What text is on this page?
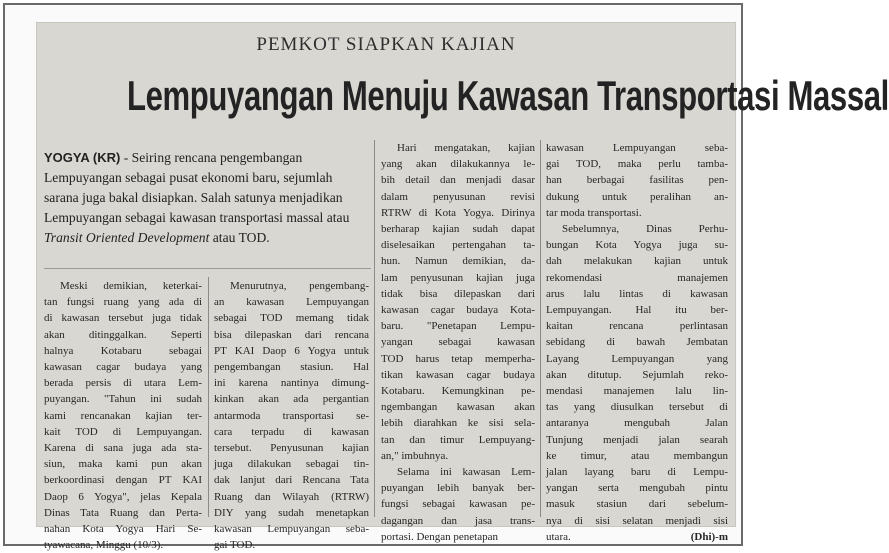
PEMKOT SIAPKAN KAJIAN
Lempuyangan Menuju Kawasan Transportasi Massal
YOGYA (KR) - Seiring rencana pengembangan Lempuyangan sebagai pusat ekonomi baru, sejumlah sarana juga bakal disiapkan. Salah satunya menjadikan Lempuyangan sebagai kawasan transportasi massal atau Transit Oriented Development atau TOD.
Meski demikian, keterkai-
tan fungsi ruang yang ada di
di kawasan tersebut juga tidak
akan ditinggalkan. Seperti
halnya Kotabaru sebagai
kawasan cagar budaya yang
berada persis di utara Lem-
puyangan. "Tahun ini sudah
kami rencanakan kajian ter-
kait TOD di Lempuyangan.
Karena di sana juga ada sta-
siun, maka kami pun akan
berkoordinasi dengan PT KAI
Daop 6 Yogya", jelas Kepala
Dinas Tata Ruang dan Perta-
nahan Kota Yogya Hari Se-
tyawacana, Minggu (10/3).
Menurutnya, pengembang-
an kawasan Lempuyangan
sebagai TOD memang tidak
bisa dilepaskan dari rencana
PT KAI Daop 6 Yogya untuk
pengembangan stasiun. Hal
ini karena nantinya dimung-
kinkan akan ada pergantian
antarmoda transportasi se-
cara terpadu di kawasan
tersebut. Penyusunan kajian
juga dilakukan sebagai tin-
dak lanjut dari Rencana Tata
Ruang dan Wilayah (RTRW)
DIY yang sudah menetapkan
kawasan Lempuyangan seba-
gai TOD.
Hari mengatakan, kajian
yang akan dilakukannya le-
bih detail dan menjadi dasar
dalam penyusunan revisi
RTRW di Kota Yogya. Dirinya
berharap kajian sudah dapat
diselesaikan pertengahan ta-
hun. Namun demikian, da-
lam penyusunan kajian juga
tidak bisa dilepaskan dari
kawasan cagar budaya Kota-
baru. "Penetapan Lempu-
yangan sebagai kawasan
TOD harus tetap memperha-
tikan kawasan cagar budaya
Kotabaru. Kemungkinan pe-
ngembangan kawasan akan
lebih diarahkan ke sisi sela-
tan dan timur Lempuyang-
an," imbuhnya.
Selama ini kawasan Lem-
puyangan lebih banyak ber-
fungsi sebagai kawasan pe-
dagangan dan jasa trans-
portasi. Dengan penetapan
kawasan Lempuyangan seba-
gai TOD, maka perlu tamba-
han berbagai fasilitas pen-
dukung untuk peralihan an-
tar moda transportasi.
Sebelumnya, Dinas Perhu-
bungan Kota Yogya juga su-
dah melakukan kajian untuk
rekomendasi manajemen
arus lalu lintas di kawasan
Lempuyangan. Hal itu ber-
kaitan rencana perlintasan
sebidang di bawah Jembatan
Layang Lempuyangan yang
akan ditutup. Sejumlah reko-
mendasi manajemen lalu lin-
tas yang diusulkan tersebut di
antaranya mengubah Jalan
Tunjung menjadi jalan searah
ke timur, atau membangun
jalan layang baru di Lempu-
yangan serta mengubah pintu
masuk stasiun dari sebelum-
nya di sisi selatan menjadi sisi
utara.	(Dhi)-m
